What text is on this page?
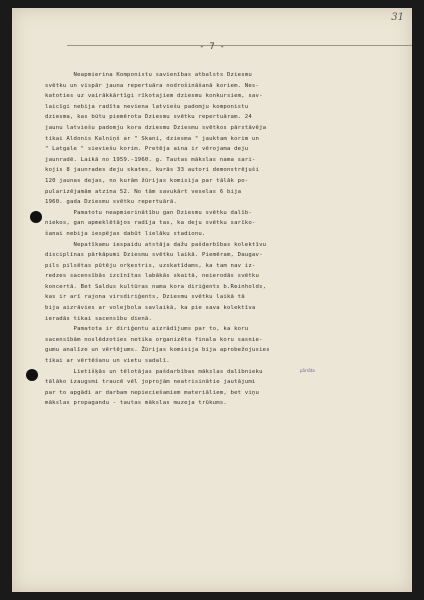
31
- 7 -
Neapmierina Komponistu savienības atbalsts Dziesmu
svētku un vispār jauna repertuāra nodrošināšanā koriem. Nes-
katoties uz vairākkārtīgi rīkotajiem dziesmu konkursiem, sav-
laicīgi nebija radīta neviena latviešu padomju komponistu
dziesma, kas būtu piemērota Dziesmu svētku repertuāram. 24
jaunu latviešu padomju kora dziesmu Dziesmu svētkos pārstāvēja
tikai Aldonis Kalniņš ar " Skani, dziesma " jauktam korim un
" Latgale " sieviešu korim. Pretēja aina ir vērojama deju
jaunradē. Laikā no 1959.-1960. g. Tautas mākslas nama sari-
kojis 8 jaunrades deju skates, kurās 33 autori demonstrējuši
120 jaunas dejas, no kurām žūrijas komisija par tālāk po-
pularizējamām atzina 52. No tām savukārt veselas 6 bija
1960. gada Dziesmu svētku repertuārā.
Pamatotu neapmierinātību gan Dziesmu svētku dalīb-
niekos, gan apmeklētājos radīja tas, ka deju svētku sarīko-
šanai nebija iespējas dabūt lielāku stadionu.
Nepatīkamu iespaidu atstāja dažu pašdarbības kolektīvu
disciplīnas pārkāpumi Dziesmu svētku laikā. Piemēram, Daugav-
pils pilsētas pūtēju orķestris, uzskatīdams, ka tam nav iz-
redzes sacensībās izcīnītas labākās skaitā, neierodās svētku
koncertā. Bet Saldus kultūras nama kora diriģents b.Reinholds,
kas ir arī rajona virsdiriģents, Dziesmu svētku laikā tā
bija aizrāvies ar volejbola savlaikā, ka pie sava kolektīva
ieradās tikai sacensību dienā.
Pamatota ir diriģentu aizrādījums par to, ka koru
sacensībām noslēdzoties netika organizēta finala koru sasnie-
gumu analīze un vērtējums. Žūrijas komisija bija aprobežojusies
tikai ar vērtēšanu un vietu sadalī.
Lietišķās un tēlotājas pašdarbības mākslas dalībnieku
tālāko izaugsmi traucē vēl joprojām neatrisinātie jautājumi
par to apgādi ar darbam nepieciešamiem materiāliem, bet viņu
mākslas propagandu - tautas mākslas muzeja trūkums.
pārrāta
